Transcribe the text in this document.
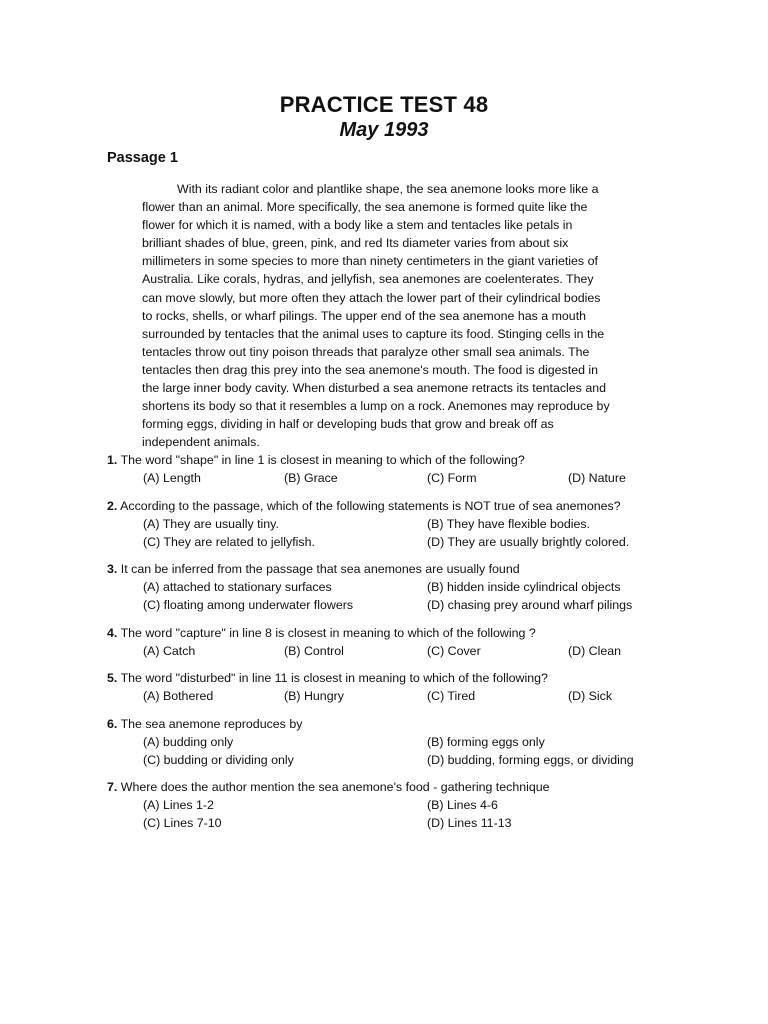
PRACTICE TEST 48
May 1993
Passage 1

With its radiant color and plantlike shape, the sea anemone looks more like a flower than an animal. More specifically, the sea anemone is formed quite like the flower for which it is named, with a body like a stem and tentacles like petals in brilliant shades of blue, green, pink, and red Its diameter varies from about six millimeters in some species to more than ninety centimeters in the giant varieties of Australia. Like corals, hydras, and jellyfish, sea anemones are coelenterates. They can move slowly, but more often they attach the lower part of their cylindrical bodies to rocks, shells, or wharf pilings. The upper end of the sea anemone has a mouth surrounded by tentacles that the animal uses to capture its food. Stinging cells in the tentacles throw out tiny poison threads that paralyze other small sea animals. The tentacles then drag this prey into the sea anemone's mouth. The food is digested in the large inner body cavity. When disturbed a sea anemone retracts its tentacles and shortens its body so that it resembles a lump on a rock. Anemones may reproduce by forming eggs, dividing in half or developing buds that grow and break off as independent animals.

1. The word "shape" in line 1 is closest in meaning to which of the following?
(A) Length	(B) Grace	(C) Form	(D) Nature
2. According to the passage, which of the following statements is NOT true of sea anemones?
(A) They are usually tiny.	(B) They have flexible bodies.
(C) They are related to jellyfish.	(D) They are usually brightly colored.
3. It can be inferred from the passage that sea anemones are usually found
(A) attached to stationary surfaces	(B) hidden inside cylindrical objects
(C) floating among underwater flowers	(D) chasing prey around wharf pilings
4. The word "capture" in line 8 is closest in meaning to which of the following ?
(A) Catch	(B) Control	(C) Cover	(D) Clean
5. The word "disturbed" in line 11 is closest in meaning to which of the following?
(A) Bothered	(B) Hungry	(C) Tired	(D) Sick
6. The sea anemone reproduces by
(A) budding only	(B) forming eggs only
(C) budding or dividing only	(D) budding, forming eggs, or dividing
7. Where does the author mention the sea anemone's food - gathering technique
(A) Lines 1-2	(B) Lines 4-6
(C) Lines 7-10	(D) Lines 11-13
